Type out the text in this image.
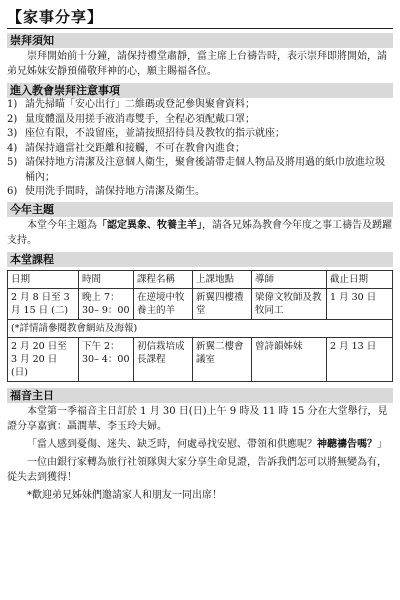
【家事分享】
崇拜須知
崇拜開始前十分鐘，請保持禮堂肅靜，當主席上台禱告時，表示崇拜即將開始，請弟兄姊妹安靜預備敬拜神的心，願主賜福各位。
進入教會崇拜注意事項
1) 請先掃瞄「安心出行」二維碼或登記參與聚會資料；
2) 量度體溫及用搓手液消毒雙手，全程必須配戴口罩；
3) 座位有限，不設留座，並請按照招待員及教牧的指示就座；
4) 請保持適當社交距離和接觸，不可在教會內進食；
5) 請保持地方清潔及注意個人衛生，聚會後請帶走個人物品及將用過的紙巾放進垃圾桶內；
6) 使用洗手間時，請保持地方清潔及衛生。
今年主題
本堂今年主題為「認定異象、牧養主羊」，請各兄姊為教會今年度之事工禱告及踴躍支持。
本堂課程
日期	時間	課程名稱	上課地點	導師	截止日期
2 月 8 日至 3 月 15 日 (二)	晚上 7：30– 9：00	在逆境中牧養主的羊	新翼四樓禮堂	梁偉文牧師及教牧同工	1 月 30 日
(*詳情請參閱教會網站及海報)					
2 月 20 日至 3 月 20 日 (日)	下午 2：30– 4：00	初信栽培成長課程	新翼二樓會議室	曾詩韻姊妹	2 月 13 日
福音主日
本堂第一季福音主日訂於 1 月 30 日(日)上午 9 時及 11 時 15 分在大堂舉行，見證分享嘉賓：聶潤華、李玉玲夫婦。
「當人感到憂傷、迷失、缺乏時，何處尋找安慰、帶領和供應呢？神聽禱告嗎？」
一位由銀行家轉為旅行社領隊與大家分享生命見證，告訴我們怎可以將無變為有，從失去到獲得！
*歡迎弟兄姊妹們邀請家人和朋友一同出席！
